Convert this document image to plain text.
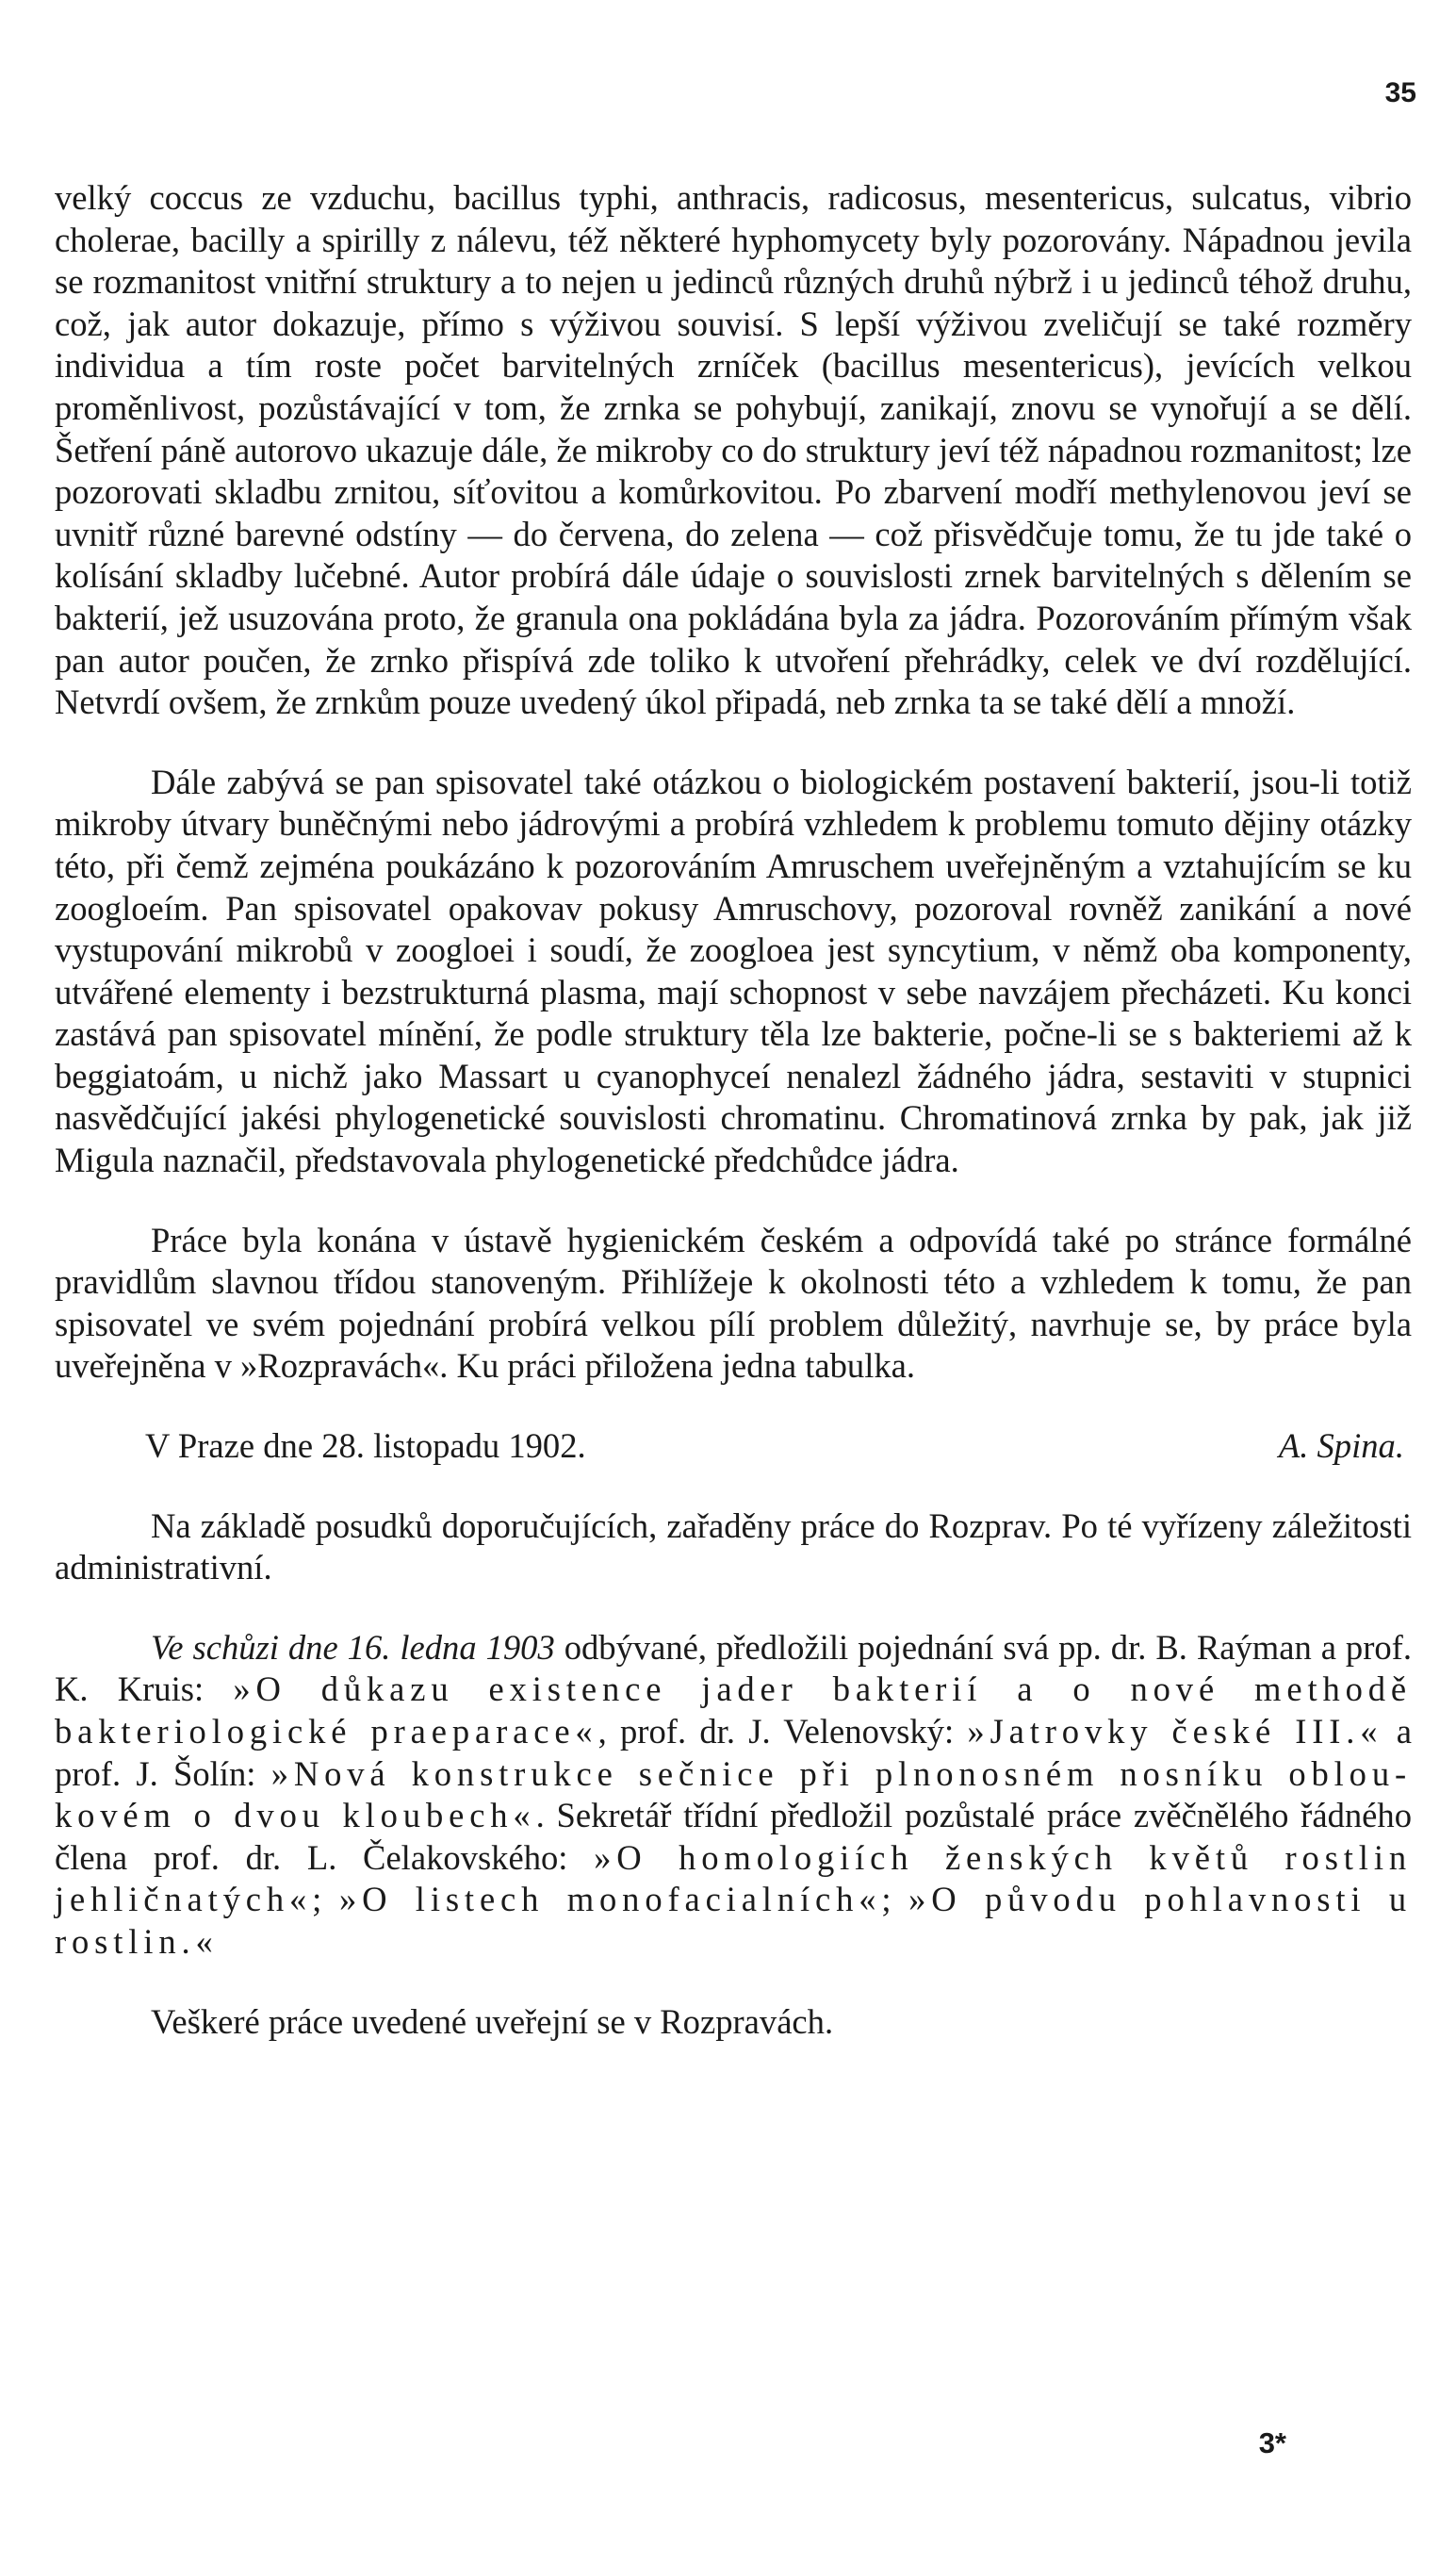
35

velký coccus ze vzduchu, bacillus typhi, anthracis, radicosus, mesentericus, sulcatus, vibrio cholerae, bacilly a spirilly z nálevu, též některé hyphomycety byly pozorovány. Nápadnou jevila se rozmanitost vnitřní struktury a to nejen u jedinců různých druhů nýbrž i u jedinců téhož druhu, což, jak autor dokazuje, přímo s výživou souvisí. S lepší výživou zveličují se také rozměry individua a tím roste počet barvitelných zrníček (bacillus mesentericus), jevících velkou proměnlivost, pozůstávající v tom, že zrnka se pohybují, zanikají, znovu se vynořují a se dělí. Šetření páně autorovo ukazuje dále, že mikroby co do struktury jeví též nápadnou rozmanitost; lze pozorovati skladbu zrnitou, síťovitou a komůrkovitou. Po zbarvení modří methylenovou jeví se uvnitř různé barevné odstíny — do červena, do zelena — což přisvědčuje tomu, že tu jde také o kolísání skladby lučebné. Autor probírá dále údaje o souvislosti zrnek barvitelných s dělením se bakterií, jež usuzována proto, že granula ona pokládána byla za jádra. Pozorováním přímým však pan autor poučen, že zrnko přispívá zde toliko k utvoření přehrádky, celek ve dví rozdělující. Netvrdí ovšem, že zrnkům pouze uvedený úkol připadá, neb zrnka ta se také dělí a množí.

Dále zabývá se pan spisovatel také otázkou o biologickém postavení bakterií, jsou-li totiž mikroby útvary buněčnými nebo jádrovými a probírá vzhledem k problemu tomuto dějiny otázky této, při čemž zejména poukázáno k pozorováním Amruschem uveřejněným a vztahujícím se ku zoogloeím. Pan spisovatel opakovav pokusy Amruschovy, pozoroval rovněž zanikání a nové vystupování mikrobů v zoogloei i soudí, že zoogloea jest syncytium, v němž oba komponenty, utvářené elementy i bezstrukturná plasma, mají schopnost v sebe navzájem přecházeti. Ku konci zastává pan spisovatel mínění, že podle struktury těla lze bakterie, počne-li se s bakteriemi až k beggiatoám, u nichž jako Massart u cyanophyceí nenalezl žádného jádra, sestaviti v stupnici nasvědčující jakési phylogenetické souvislosti chromatinu. Chromatinová zrnka by pak, jak již Migula naznačil, představovala phylogenetické předchůdce jádra.

Práce byla konána v ústavě hygienickém českém a odpovídá také po stránce formálné pravidlům slavnou třídou stanoveným. Přihlížeje k okolnosti této a vzhledem k tomu, že pan spisovatel ve svém pojednání probírá velkou pílí problem důležitý, navrhuje se, by práce byla uveřejněna v »Rozpravách«. Ku práci přiložena jedna tabulka.

V Praze dne 28. listopadu 1902.	A. Spina.

Na základě posudků doporučujících, zařaděny práce do Rozprav. Po té vyřízeny záležitosti administrativní.

Ve schůzi dne 16. ledna 1903 odbývané, předložili pojednání svá pp. dr. B. Raýman a prof. K. Kruis: »O důkazu existence jader bakterií a o nové methodě bakteriologické praeparace«, prof. dr. J. Velenovský: »Jatrovky české III.« a prof. J. Šolín: »Nová konstrukce sečnice při plnonosném nosníku oblou-kovém o dvou kloubech«. Sekretář třídní předložil pozůstalé práce zvěčnělého řádného člena prof. dr. L. Čelakovského: »O homologiích ženských květů rostlin jehličnatých«; »O listech monofacialních«; »O původu pohlavnosti u rostlin.«

Veškeré práce uvedené uveřejní se v Rozpravách.

3*
